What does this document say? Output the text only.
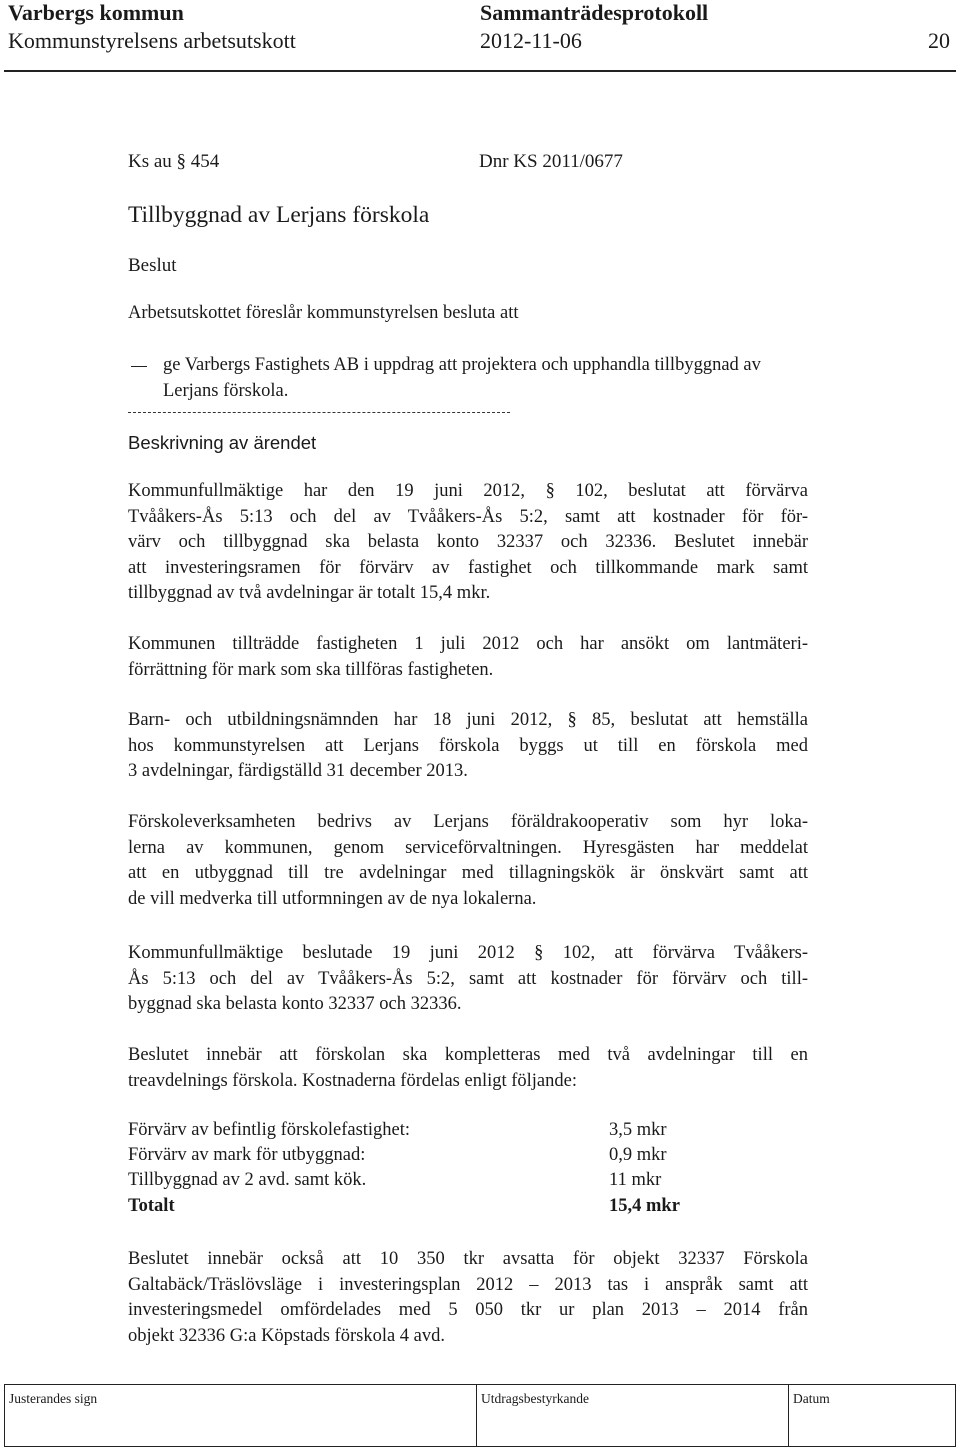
Varbergs kommun	Sammanträdesprotokoll
Kommunstyrelsens arbetsutskott	2012-11-06	20
Ks au § 454	Dnr KS 2011/0677
Tillbyggnad av Lerjans förskola
Beslut
Arbetsutskottet föreslår kommunstyrelsen besluta att
ge Varbergs Fastighets AB i uppdrag att projektera och upphandla tillbyggnad av Lerjans förskola.
Beskrivning av ärendet
Kommunfullmäktige har den 19 juni 2012, § 102, beslutat att förvärva
Tvååkers-Ås 5:13 och del av Tvååkers-Ås 5:2, samt att kostnader för för-
värv och tillbyggnad ska belasta konto 32337 och 32336. Beslutet innebär
att investeringsramen för förvärv av fastighet och tillkommande mark samt
tillbyggnad av två avdelningar är totalt 15,4 mkr.
Kommunen tillträdde fastigheten 1 juli 2012 och har ansökt om lantmäteri-
förrättning för mark som ska tillföras fastigheten.
Barn- och utbildningsnämnden har 18 juni 2012, § 85, beslutat att hemställa
hos kommunstyrelsen att Lerjans förskola byggs ut till en förskola med
3 avdelningar, färdigställd 31 december 2013.
Förskoleverksamheten bedrivs av Lerjans föräldrakooperativ som hyr loka-
lerna av kommunen, genom serviceförvaltningen. Hyresgästen har meddelat
att en utbyggnad till tre avdelningar med tillagningskök är önskvärt samt att
de vill medverka till utformningen av de nya lokalerna.
Kommunfullmäktige beslutade 19 juni 2012 § 102, att förvärva Tvååkers-
Ås 5:13 och del av Tvååkers-Ås 5:2, samt att kostnader för förvärv och till-
byggnad ska belasta konto 32337 och 32336.
Beslutet innebär att förskolan ska kompletteras med två avdelningar till en
treavdelnings förskola. Kostnaderna fördelas enligt följande:
Förvärv av befintlig förskolefastighet:	3,5 mkr
Förvärv av mark för utbyggnad:	0,9 mkr
Tillbyggnad av 2 avd. samt kök.	11 mkr
Totalt	15,4 mkr
Beslutet innebär också att 10 350 tkr avsatta för objekt 32337 Förskola
Galtabäck/Träslövsläge i investeringsplan 2012 – 2013 tas i anspråk samt att
investeringsmedel omfördelades med 5 050 tkr ur plan 2013 – 2014 från
objekt 32336 G:a Köpstads förskola 4 avd.
Justerandes sign	Utdragsbestyrkande	Datum
